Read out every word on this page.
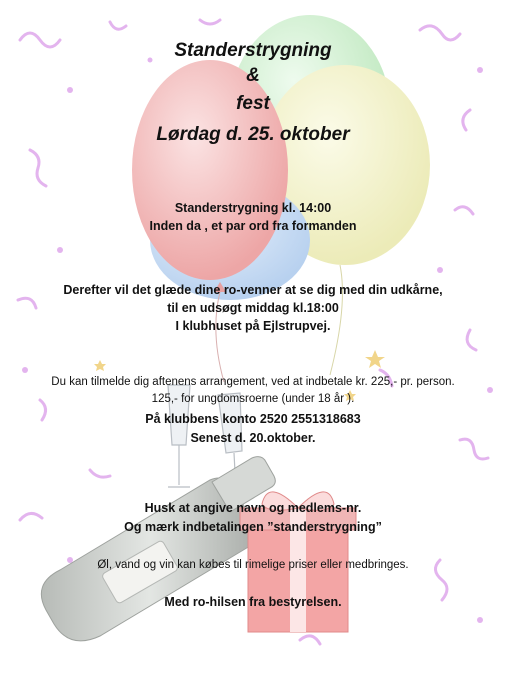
Standerstrygning
&
fest
Lørdag d. 25. oktober
Standerstrygning kl. 14:00
Inden da , et par ord fra formanden
Derefter vil det glæde dine ro-venner at se dig med din udkårne,
til en udsøgt middag kl.18:00
I klubhuset på Ejlstrupvej.
Du kan tilmelde dig aftenens arrangement, ved at indbetale kr. 225,- pr. person.
125,- for ungdomsroerne (under 18 år ).
På klubbens konto 2520 2551318683
Senest d. 20.oktober.
Husk at angive navn og medlems-nr.
Og mærk indbetalingen ”standerstrygning”
Øl, vand og vin kan købes til rimelige priser eller medbringes.
Med ro-hilsen fra bestyrelsen.
